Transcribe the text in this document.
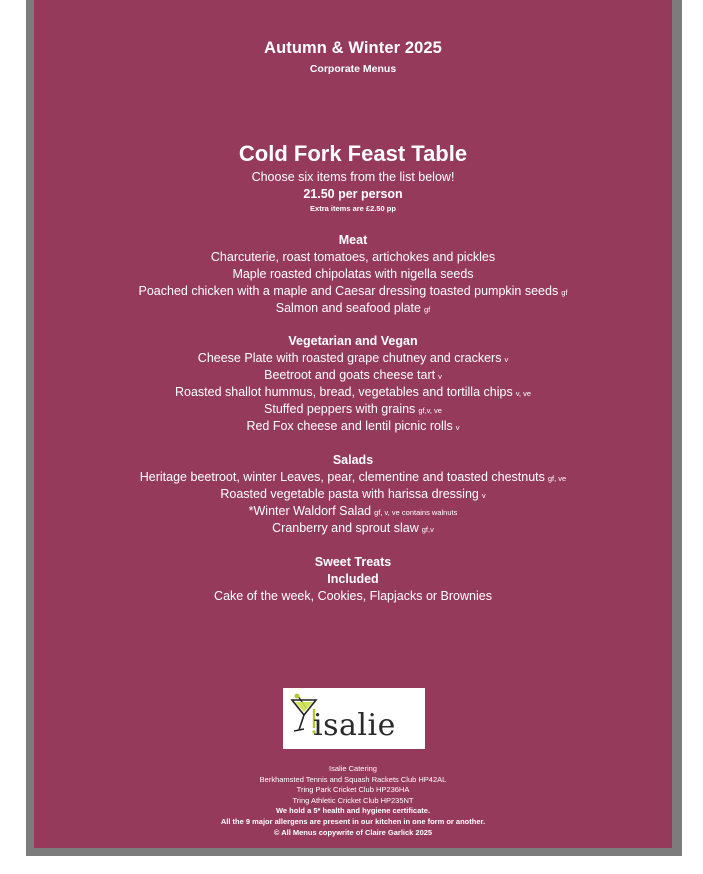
Autumn & Winter 2025
Corporate Menus
Cold Fork Feast Table
Choose six items from the list below!
21.50 per person
Extra items are £2.50 pp
Meat
Charcuterie, roast tomatoes, artichokes and pickles
Maple roasted chipolatas with nigella seeds
Poached chicken with a maple and Caesar dressing toasted pumpkin seeds gf
Salmon and seafood plate gf
Vegetarian and Vegan
Cheese Plate with roasted grape chutney and crackers v
Beetroot and goats cheese tart v
Roasted shallot hummus, bread, vegetables and tortilla chips v, ve
Stuffed peppers with grains gf,v, ve
Red Fox cheese and lentil picnic rolls v
Salads
Heritage beetroot, winter Leaves, pear, clementine and toasted chestnuts gf, ve
Roasted vegetable pasta with harissa dressing v
*Winter Waldorf Salad gf, v, ve contains walnuts
Cranberry and sprout slaw gf,v
Sweet Treats
Included
Cake of the week, Cookies, Flapjacks or Brownies
isalie
Isalie Catering
Berkhamsted Tennis and Squash Rackets Club HP42AL
Tring Park Cricket Club HP236HA
Tring Athletic Cricket Club HP235NT
We hold a 5* health and hygiene certificate.
All the 9 major allergens are present in our kitchen in one form or another.
© All Menus copywrite of Claire Garlick 2025
